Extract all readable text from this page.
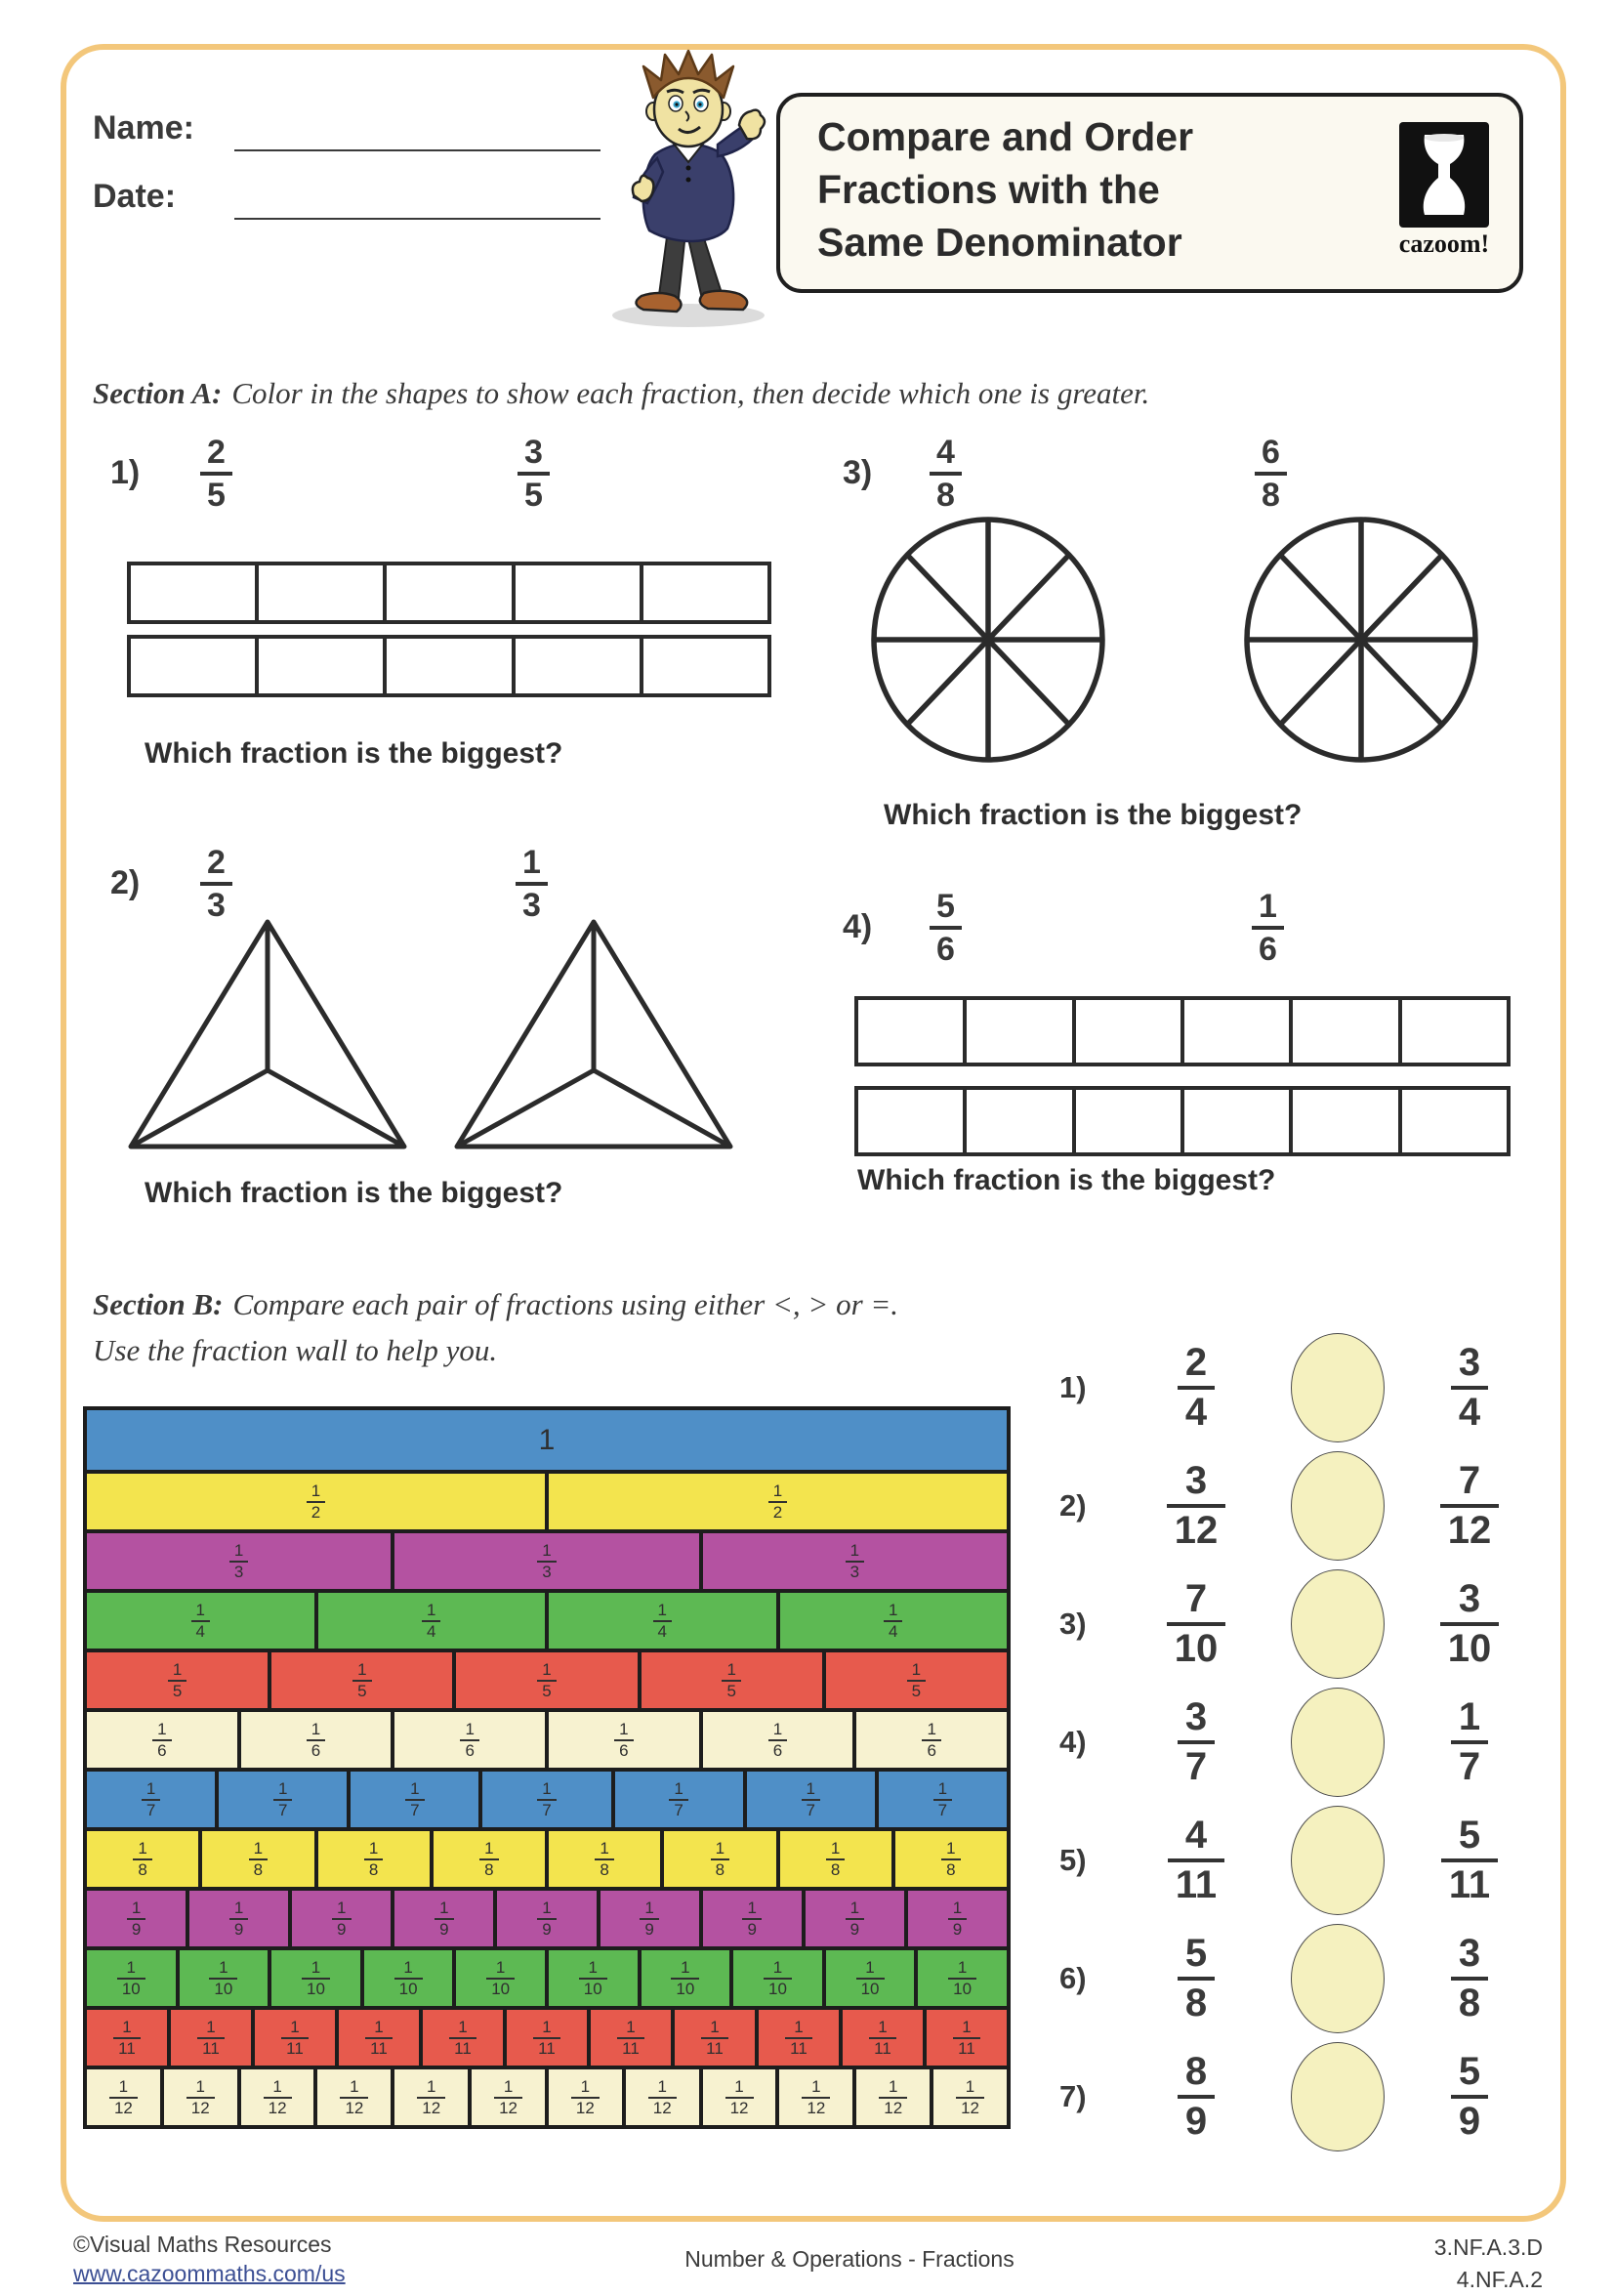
Name:
Date:
Compare and Order
Fractions with the
Same Denominator	cazoom!
Section A: Color in the shapes to show each fraction, then decide which one is greater.
1)
2
5
3
5
Which fraction is the biggest?
3)
4
8
6
8
Which fraction is the biggest?
2)
2
3
1
3
Which fraction is the biggest?
4)
5
6
1
6
Which fraction is the biggest?
Section B: Compare each pair of fractions using either <, > or =.
Use the fraction wall to help you.
1
$\frac{1}{2}$	$\frac{1}{2}$
$\frac{1}{3}$	$\frac{1}{3}$	$\frac{1}{3}$
$\frac{1}{4}$	$\frac{1}{4}$	$\frac{1}{4}$	$\frac{1}{4}$
$\frac{1}{5}$	$\frac{1}{5}$	$\frac{1}{5}$	$\frac{1}{5}$	$\frac{1}{5}$
$\frac{1}{6}$	$\frac{1}{6}$	$\frac{1}{6}$	$\frac{1}{6}$	$\frac{1}{6}$	$\frac{1}{6}$
$\frac{1}{7}$	$\frac{1}{7}$	$\frac{1}{7}$	$\frac{1}{7}$	$\frac{1}{7}$	$\frac{1}{7}$	$\frac{1}{7}$
$\frac{1}{8}$	$\frac{1}{8}$	$\frac{1}{8}$	$\frac{1}{8}$	$\frac{1}{8}$	$\frac{1}{8}$	$\frac{1}{8}$	$\frac{1}{8}$
$\frac{1}{9}$	$\frac{1}{9}$	$\frac{1}{9}$	$\frac{1}{9}$	$\frac{1}{9}$	$\frac{1}{9}$	$\frac{1}{9}$	$\frac{1}{9}$	$\frac{1}{9}$
$\frac{1}{10}$	$\frac{1}{10}$	$\frac{1}{10}$	$\frac{1}{10}$	$\frac{1}{10}$	$\frac{1}{10}$	$\frac{1}{10}$	$\frac{1}{10}$	$\frac{1}{10}$	$\frac{1}{10}$
$\frac{1}{11}$	$\frac{1}{11}$	$\frac{1}{11}$	$\frac{1}{11}$	$\frac{1}{11}$	$\frac{1}{11}$	$\frac{1}{11}$	$\frac{1}{11}$	$\frac{1}{11}$	$\frac{1}{11}$	$\frac{1}{11}$
$\frac{1}{12}$	$\frac{1}{12}$	$\frac{1}{12}$	$\frac{1}{12}$	$\frac{1}{12}$	$\frac{1}{12}$	$\frac{1}{12}$	$\frac{1}{12}$	$\frac{1}{12}$	$\frac{1}{12}$	$\frac{1}{12}$	$\frac{1}{12}$
1)	$\frac{2}{4}$	$\frac{3}{4}$
2)	$\frac{3}{12}$	$\frac{7}{12}$
3)	$\frac{7}{10}$	$\frac{3}{10}$
4)	$\frac{3}{7}$	$\frac{1}{7}$
5)	$\frac{4}{11}$	$\frac{5}{11}$
6)	$\frac{5}{8}$	$\frac{3}{8}$
7)	$\frac{8}{9}$	$\frac{5}{9}$
©Visual Maths Resources
www.cazoommaths.com/us
Number & Operations - Fractions	3.NF.A.3.D
4.NF.A.2
